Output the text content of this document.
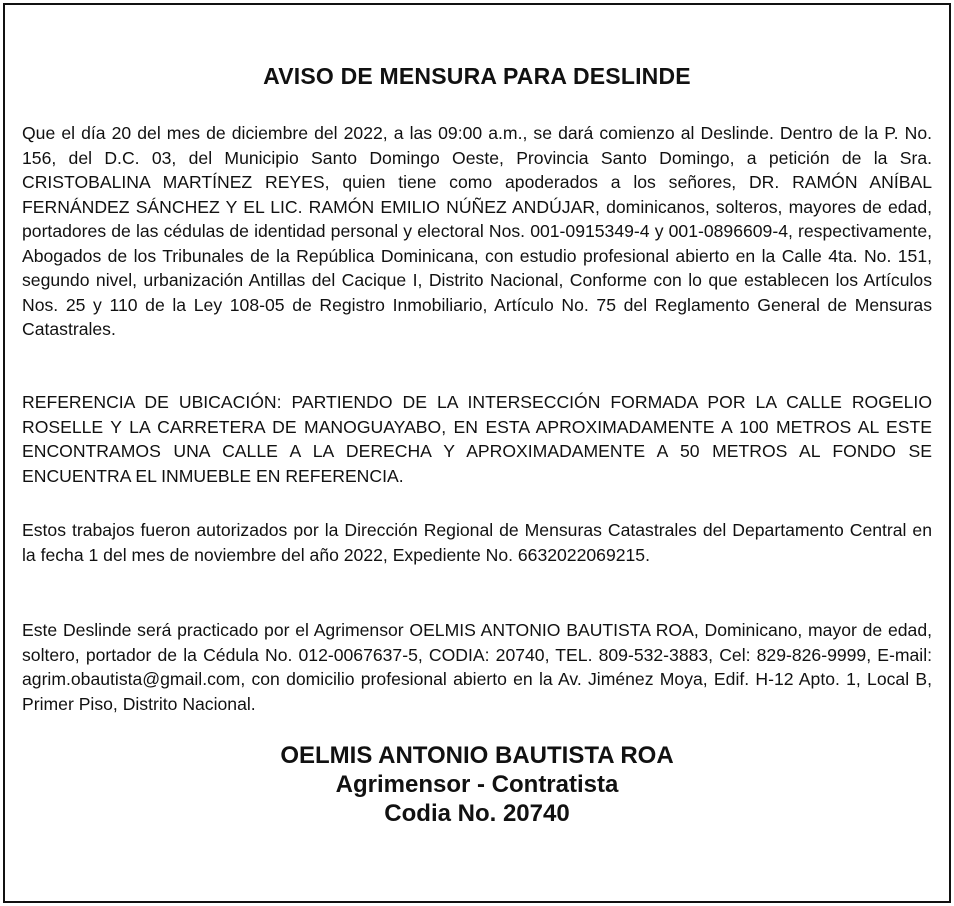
AVISO DE MENSURA PARA DESLINDE

Que el día 20 del mes de diciembre del 2022, a las 09:00 a.m., se dará comienzo al Deslinde. Dentro de la P. No. 156, del D.C. 03, del Municipio Santo Domingo Oeste, Provincia Santo Domingo, a petición de la Sra. CRISTOBALINA MARTÍNEZ REYES, quien tiene como apoderados a los señores, DR. RAMÓN ANÍBAL FERNÁNDEZ SÁNCHEZ Y EL LIC. RAMÓN EMILIO NÚÑEZ ANDÚJAR, dominicanos, solteros, mayores de edad, portadores de las cédulas de identidad personal y electoral Nos. 001-0915349-4 y 001-0896609-4, respectivamente, Abogados de los Tribunales de la República Dominicana, con estudio profesional abierto en la Calle 4ta. No. 151, segundo nivel, urbanización Antillas del Cacique I, Distrito Nacional, Conforme con lo que establecen los Artículos Nos. 25 y 110 de la Ley 108-05 de Registro Inmobiliario, Artículo No. 75 del Reglamento General de Mensuras Catastrales.

REFERENCIA DE UBICACIÓN: PARTIENDO DE LA INTERSECCIÓN FORMADA POR LA CALLE ROGELIO ROSELLE Y LA CARRETERA DE MANOGUAYABO, EN ESTA APROXIMADAMENTE A 100 METROS AL ESTE ENCONTRAMOS UNA CALLE A LA DERECHA Y APROXIMADAMENTE A 50 METROS AL FONDO SE ENCUENTRA EL INMUEBLE EN REFERENCIA.

Estos trabajos fueron autorizados por la Dirección Regional de Mensuras Catastrales del Departamento Central en la fecha 1 del mes de noviembre del año 2022, Expediente No. 6632022069215.

Este Deslinde será practicado por el Agrimensor OELMIS ANTONIO BAUTISTA ROA, Dominicano, mayor de edad, soltero, portador de la Cédula No. 012-0067637-5, CODIA: 20740, TEL. 809-532-3883, Cel: 829-826-9999, E-mail: agrim.obautista@gmail.com, con domicilio profesional abierto en la Av. Jiménez Moya, Edif. H-12 Apto. 1, Local B, Primer Piso, Distrito Nacional.

OELMIS ANTONIO BAUTISTA ROA
Agrimensor - Contratista
Codia No. 20740
